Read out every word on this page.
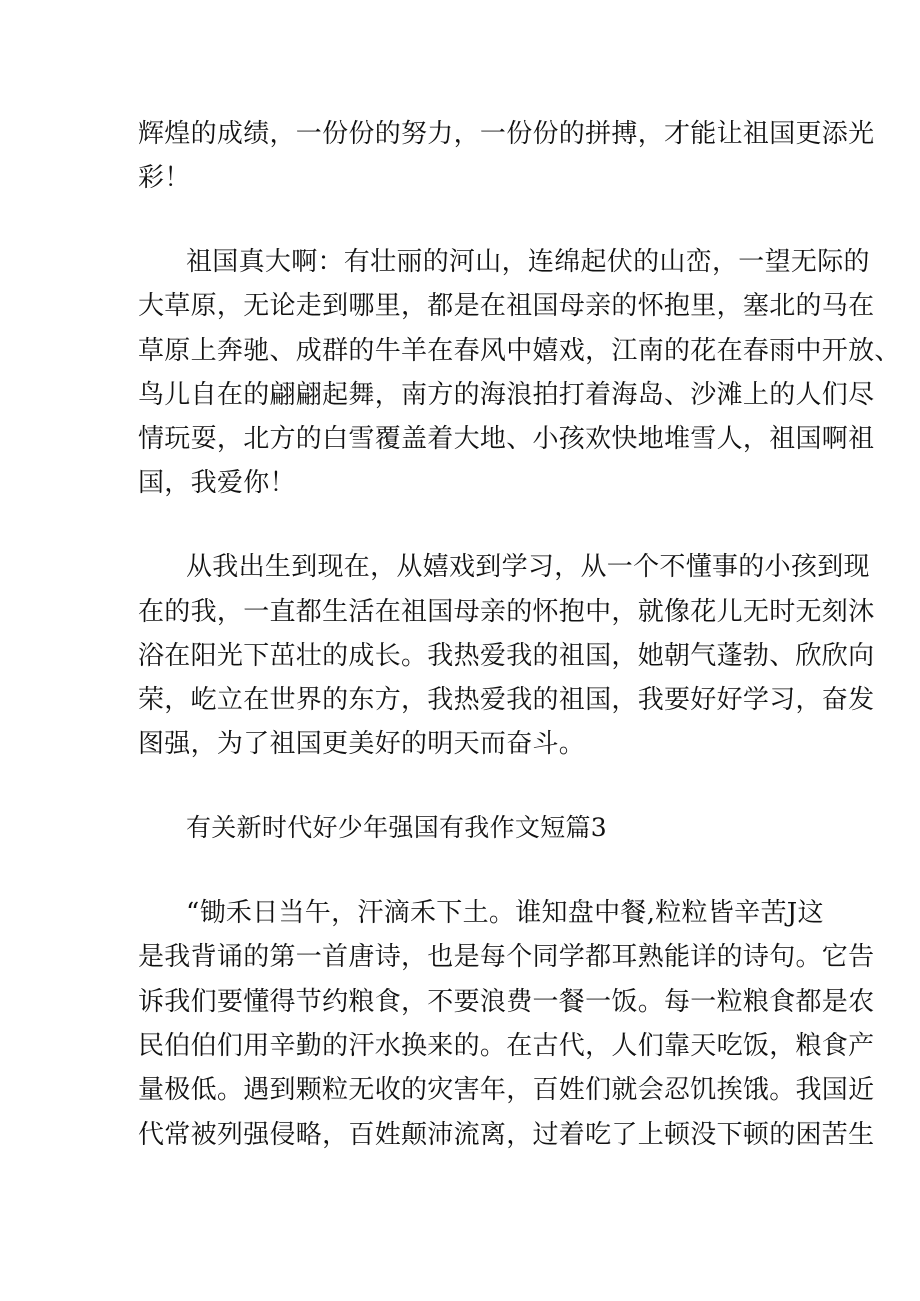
辉煌的成绩，一份份的努力，一份份的拼搏，才能让祖国更添光
彩！
祖国真大啊：有壮丽的河山，连绵起伏的山峦，一望无际的
大草原，无论走到哪里，都是在祖国母亲的怀抱里，塞北的马在
草原上奔驰、成群的牛羊在春风中嬉戏，江南的花在春雨中开放、
鸟儿自在的翩翩起舞，南方的海浪拍打着海岛、沙滩上的人们尽
情玩耍，北方的白雪覆盖着大地、小孩欢快地堆雪人，祖国啊祖
国，我爱你！
从我出生到现在，从嬉戏到学习，从一个不懂事的小孩到现
在的我，一直都生活在祖国母亲的怀抱中，就像花儿无时无刻沐
浴在阳光下茁壮的成长。我热爱我的祖国，她朝气蓬勃、欣欣向
荣，屹立在世界的东方，我热爱我的祖国，我要好好学习，奋发
图强，为了祖国更美好的明天而奋斗。
有关新时代好少年强国有我作文短篇3
“锄禾日当午，汗滴禾下土。谁知盘中餐,粒粒皆辛苦J这
是我背诵的第一首唐诗，也是每个同学都耳熟能详的诗句。它告
诉我们要懂得节约粮食，不要浪费一餐一饭。每一粒粮食都是农
民伯伯们用辛勤的汗水换来的。在古代，人们靠天吃饭，粮食产
量极低。遇到颗粒无收的灾害年，百姓们就会忍饥挨饿。我国近
代常被列强侵略，百姓颠沛流离，过着吃了上顿没下顿的困苦生
